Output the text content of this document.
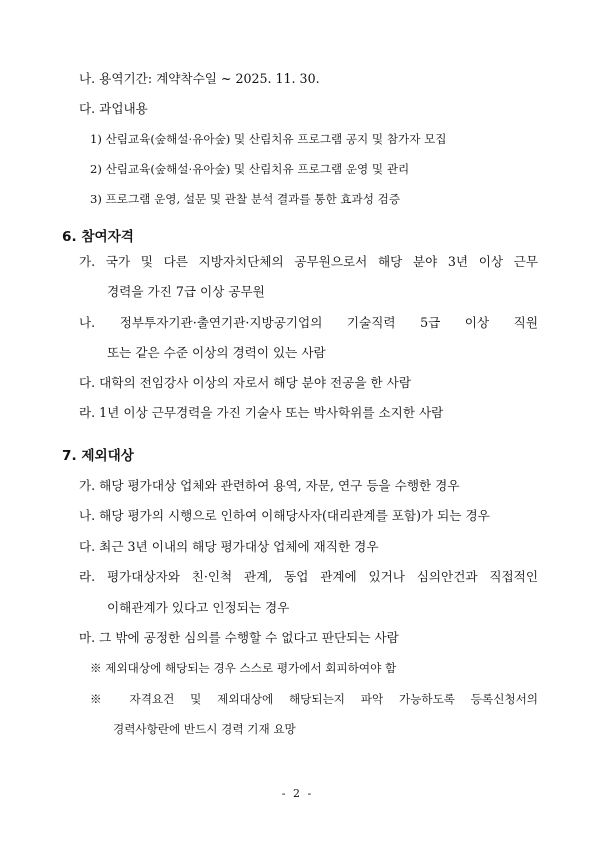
나. 용역기간: 계약착수일 ~ 2025. 11. 30.
다. 과업내용
1) 산림교육(숲해설·유아숲) 및 산림치유 프로그램 공지 및 참가자 모집
2) 산림교육(숲해설·유아숲) 및 산림치유 프로그램 운영 및 관리
3) 프로그램 운영, 설문 및 관찰 분석 결과를 통한 효과성 검증
6. 참여자격
가. 국가 및 다른 지방자치단체의 공무원으로서 해당 분야 3년 이상 근무
경력을 가진 7급 이상 공무원
나. 정부투자기관·출연기관·지방공기업의 기술직력 5급 이상 직원
또는 같은 수준 이상의 경력이 있는 사람
다. 대학의 전임강사 이상의 자로서 해당 분야 전공을 한 사람
라. 1년 이상 근무경력을 가진 기술사 또는 박사학위를 소지한 사람
7. 제외대상
가. 해당 평가대상 업체와 관련하여 용역, 자문, 연구 등을 수행한 경우
나. 해당 평가의 시행으로 인하여 이해당사자(대리관계를 포함)가 되는 경우
다. 최근 3년 이내의 해당 평가대상 업체에 재직한 경우
라. 평가대상자와 친·인척 관계, 동업 관계에 있거나 심의안건과 직접적인
이해관계가 있다고 인정되는 경우
마. 그 밖에 공정한 심의를 수행할 수 없다고 판단되는 사람
※ 제외대상에 해당되는 경우 스스로 평가에서 회피하여야 함
※ 자격요건 및 제외대상에 해당되는지 파악 가능하도록 등록신청서의
경력사항란에 반드시 경력 기재 요망
- 2 -
